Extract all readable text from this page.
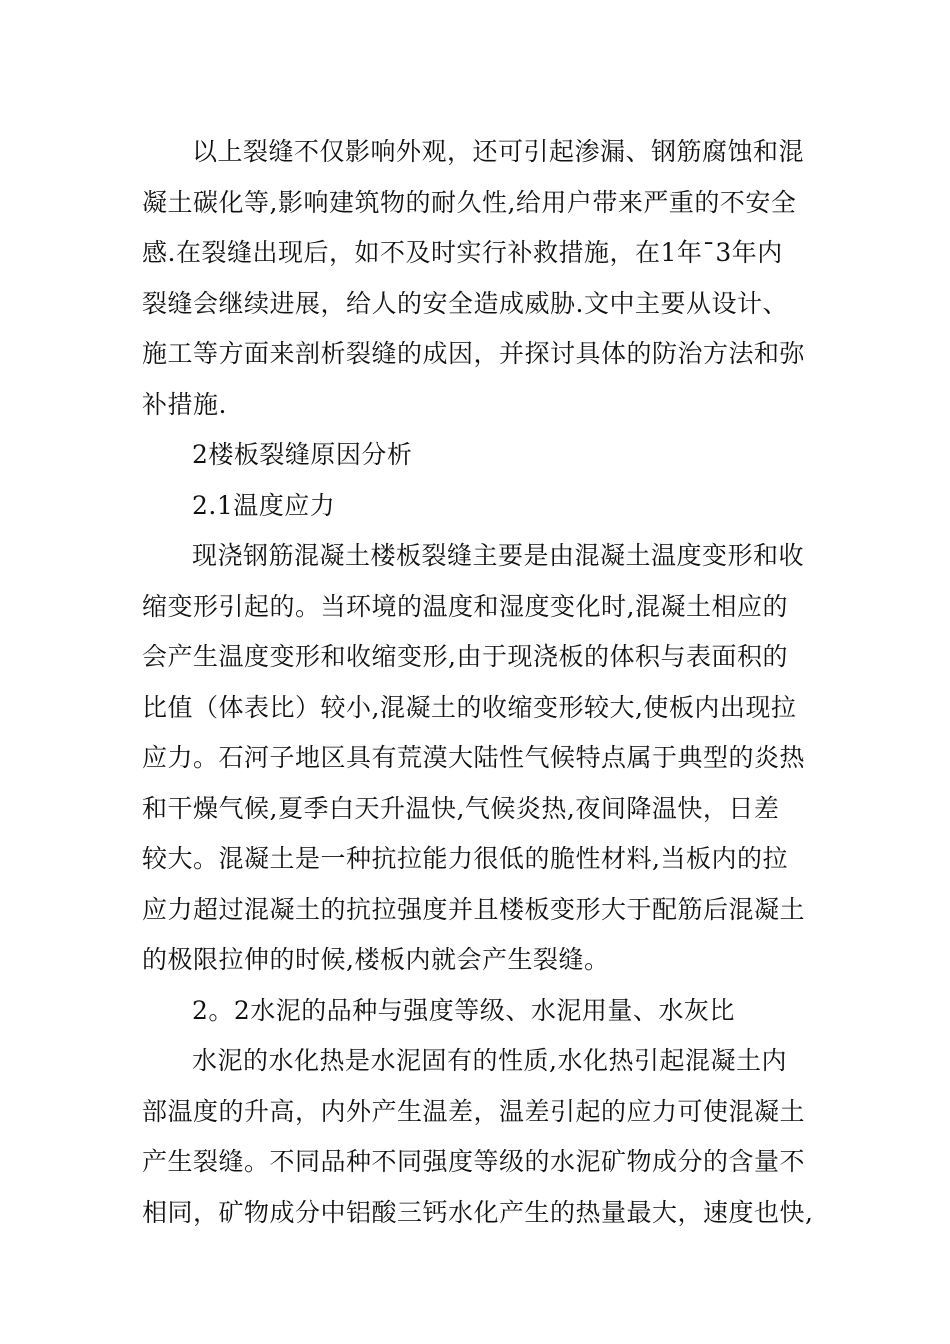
以上裂缝不仅影响外观，还可引起渗漏、钢筋腐蚀和混
凝土碳化等,影响建筑物的耐久性,给用户带来严重的不安全
感.在裂缝出现后，如不及时实行补救措施，在1年¯3年内
裂缝会继续进展，给人的安全造成威胁.文中主要从设计、
施工等方面来剖析裂缝的成因，并探讨具体的防治方法和弥
补措施.
2楼板裂缝原因分析
2.1温度应力
现浇钢筋混凝土楼板裂缝主要是由混凝土温度变形和收
缩变形引起的。当环境的温度和湿度变化时,混凝土相应的
会产生温度变形和收缩变形,由于现浇板的体积与表面积的
比值（体表比）较小,混凝土的收缩变形较大,使板内出现拉
应力。石河子地区具有荒漠大陆性气候特点属于典型的炎热
和干燥气候,夏季白天升温快,气候炎热,夜间降温快，日差
较大。混凝土是一种抗拉能力很低的脆性材料,当板内的拉
应力超过混凝土的抗拉强度并且楼板变形大于配筋后混凝土
的极限拉伸的时候,楼板内就会产生裂缝。
2。2水泥的品种与强度等级、水泥用量、水灰比
水泥的水化热是水泥固有的性质,水化热引起混凝土内
部温度的升高，内外产生温差，温差引起的应力可使混凝土
产生裂缝。不同品种不同强度等级的水泥矿物成分的含量不
相同，矿物成分中铝酸三钙水化产生的热量最大，速度也快,
